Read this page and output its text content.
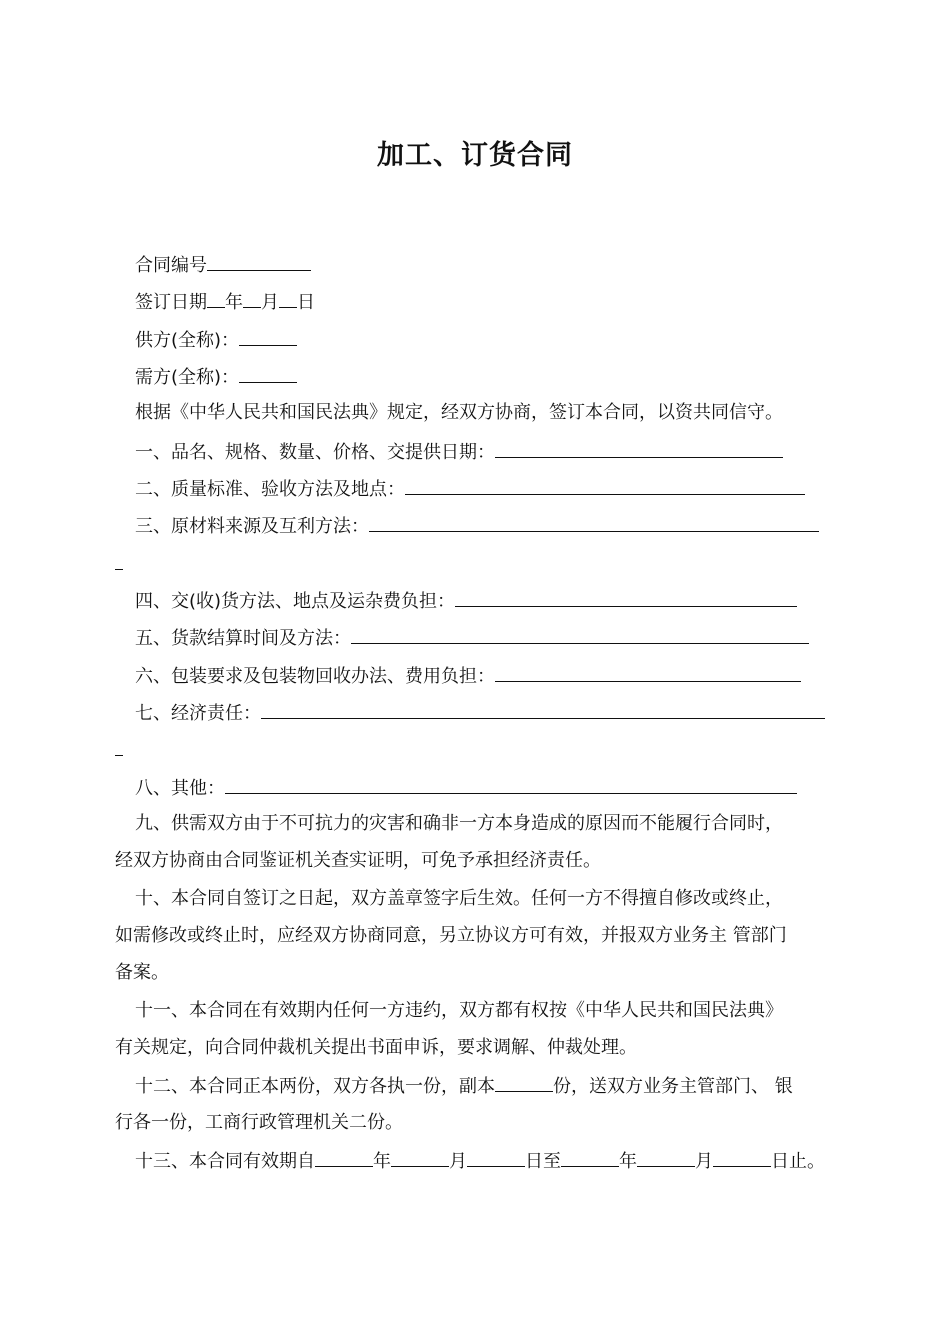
加工、订货合同
合同编号
签订日期 年 月 日
供方(全称)：
需方(全称)：
根据《中华人民共和国民法典》规定，经双方协商，签订本合同，以资共同信守。
一、品名、规格、数量、价格、交提供日期：
二、质量标准、验收方法及地点：
三、原材料来源及互利方法：
四、交(收)货方法、地点及运杂费负担：
五、货款结算时间及方法：
六、包装要求及包装物回收办法、费用负担：
七、经济责任：
八、其他：
九、供需双方由于不可抗力的灾害和确非一方本身造成的原因而不能履行合同时，
经双方协商由合同鉴证机关查实证明，可免予承担经济责任。
十、本合同自签订之日起，双方盖章签字后生效。任何一方不得擅自修改或终止，
如需修改或终止时，应经双方协商同意，另立协议方可有效，并报双方业务主 管部门
备案。
十一、本合同在有效期内任何一方违约，双方都有权按《中华人民共和国民法典》
有关规定，向合同仲裁机关提出书面申诉，要求调解、仲裁处理。
十二、本合同正本两份，双方各执一份，副本	份，送双方业务主管部门、 银
行各一份，工商行政管理机关二份。
十三、本合同有效期自	年	月	日至	年	月	日止。
